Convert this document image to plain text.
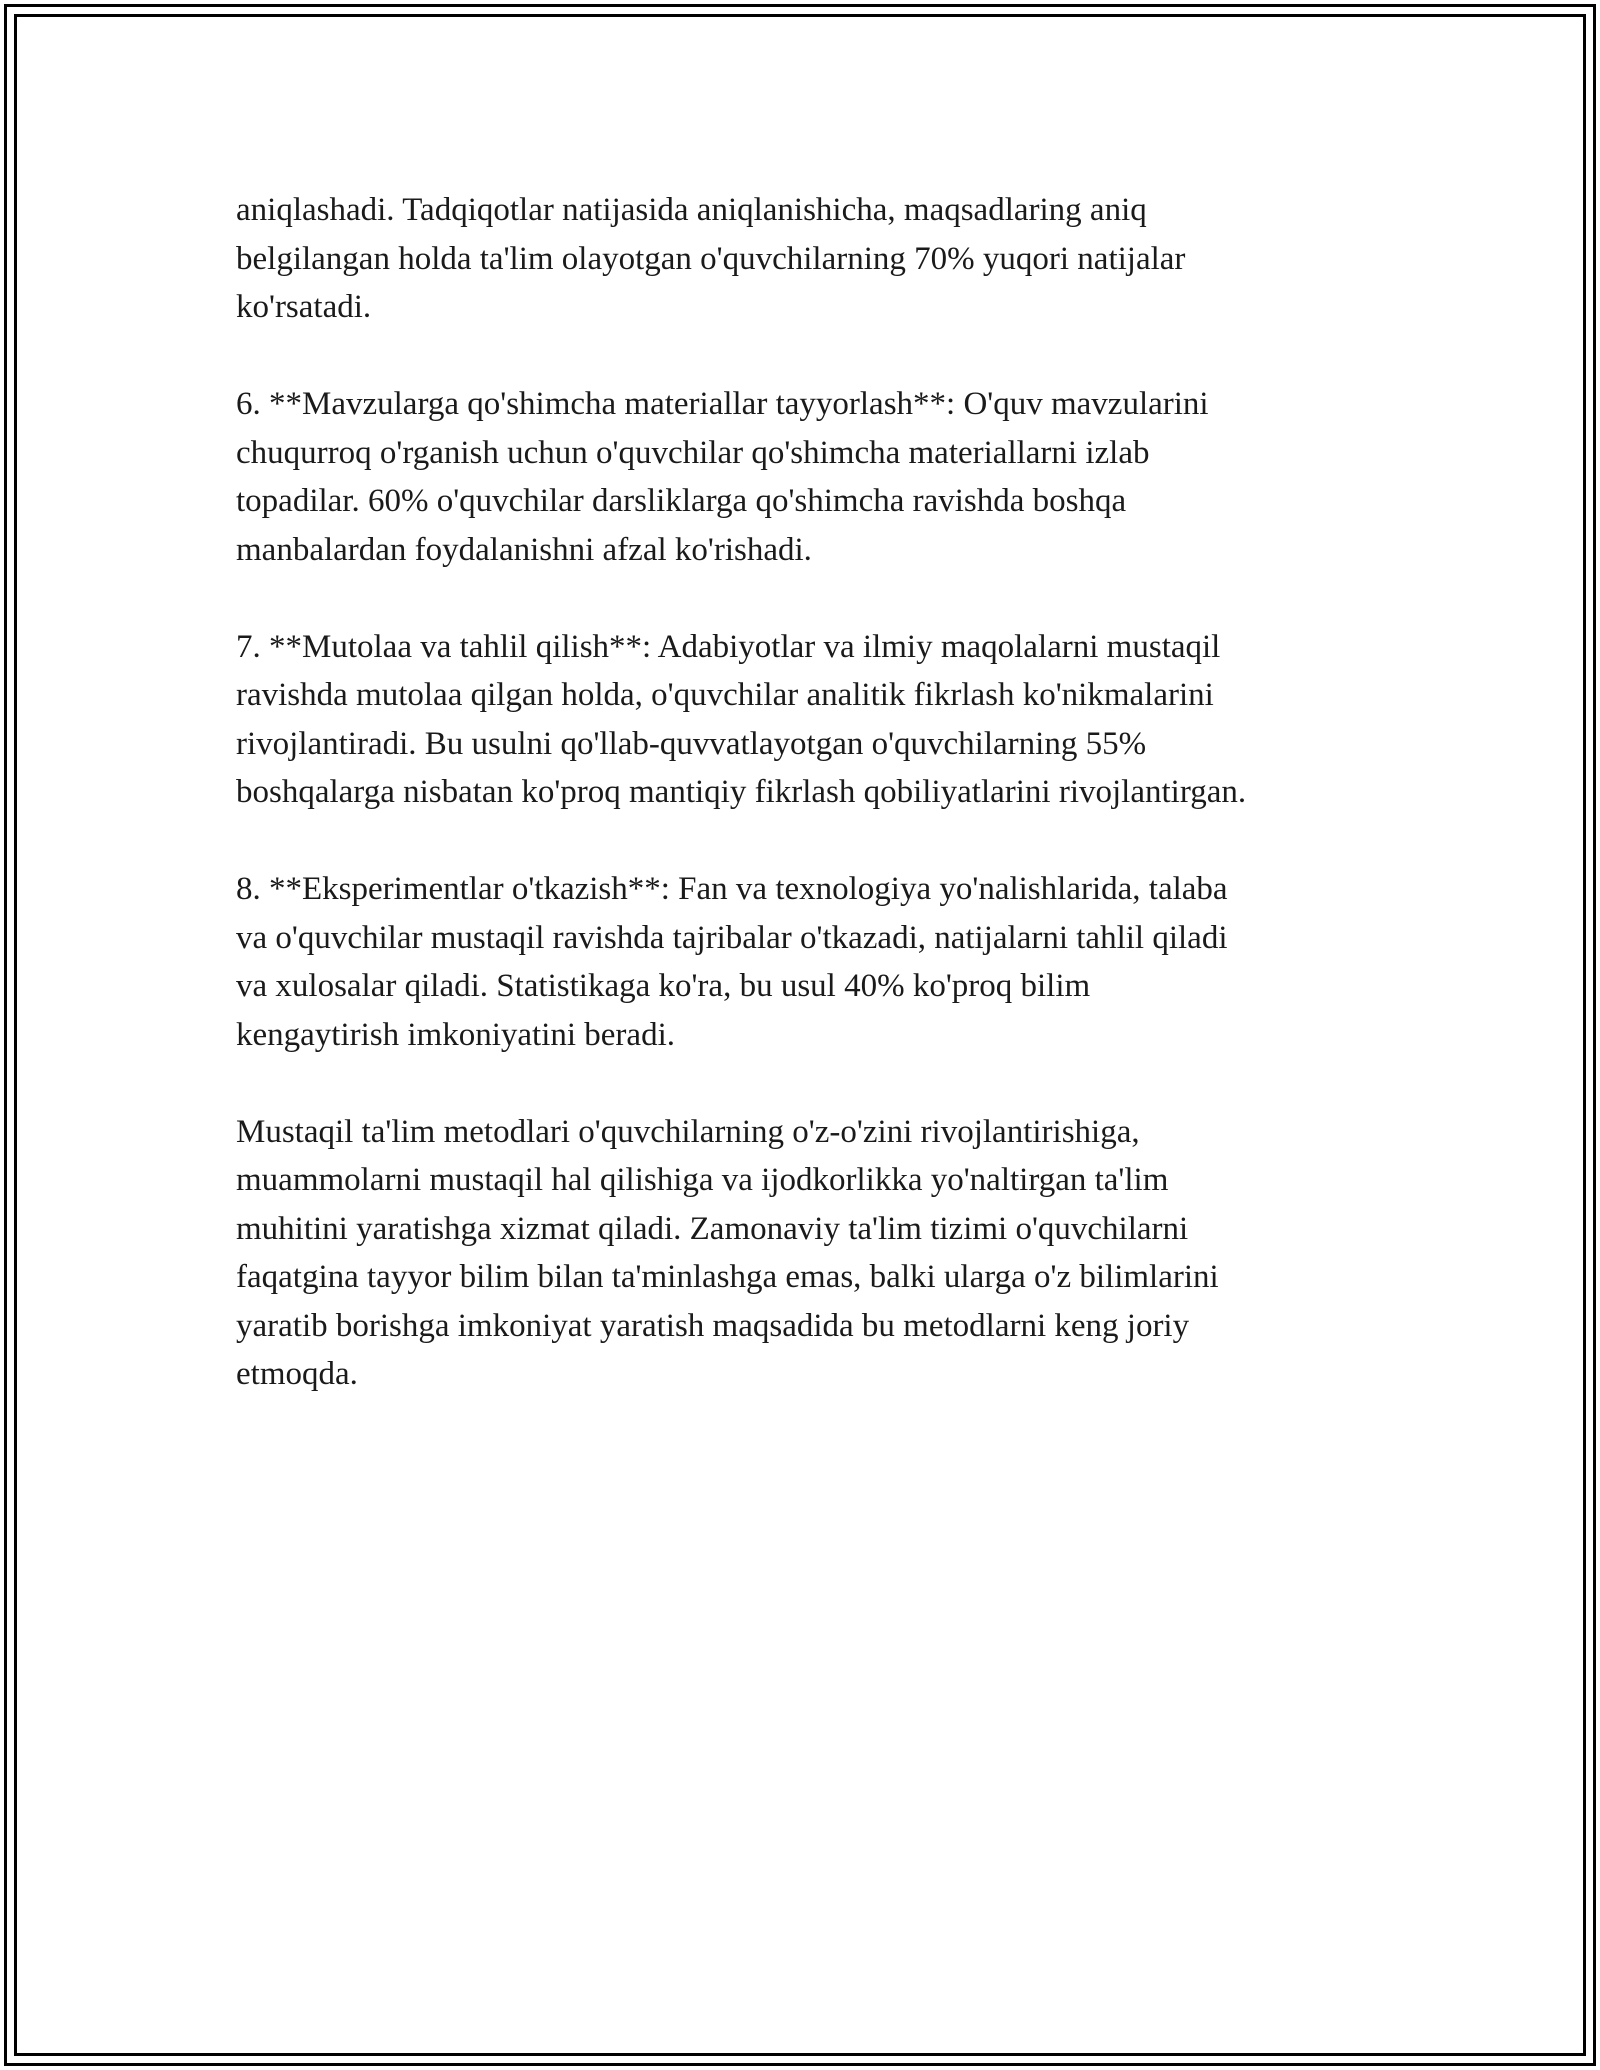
aniqlashadi. Tadqiqotlar natijasida aniqlanishicha, maqsadlaring aniq
belgilangan holda ta'lim olayotgan o'quvchilarning 70% yuqori natijalar
ko'rsatadi.

6. **Mavzularga qo'shimcha materiallar tayyorlash**: O'quv mavzularini
chuqurroq o'rganish uchun o'quvchilar qo'shimcha materiallarni izlab
topadilar. 60% o'quvchilar darsliklarga qo'shimcha ravishda boshqa
manbalardan foydalanishni afzal ko'rishadi.

7. **Mutolaa va tahlil qilish**: Adabiyotlar va ilmiy maqolalarni mustaqil
ravishda mutolaa qilgan holda, o'quvchilar analitik fikrlash ko'nikmalarini
rivojlantiradi. Bu usulni qo'llab-quvvatlayotgan o'quvchilarning 55%
boshqalarga nisbatan ko'proq mantiqiy fikrlash qobiliyatlarini rivojlantirgan.

8. **Eksperimentlar o'tkazish**: Fan va texnologiya yo'nalishlarida, talaba
va o'quvchilar mustaqil ravishda tajribalar o'tkazadi, natijalarni tahlil qiladi
va xulosalar qiladi. Statistikaga ko'ra, bu usul 40% ko'proq bilim
kengaytirish imkoniyatini beradi.

Mustaqil ta'lim metodlari o'quvchilarning o'z-o'zini rivojlantirishiga,
muammolarni mustaqil hal qilishiga va ijodkorlikka yo'naltirgan ta'lim
muhitini yaratishga xizmat qiladi. Zamonaviy ta'lim tizimi o'quvchilarni
faqatgina tayyor bilim bilan ta'minlashga emas, balki ularga o'z bilimlarini
yaratib borishga imkoniyat yaratish maqsadida bu metodlarni keng joriy
etmoqda.
